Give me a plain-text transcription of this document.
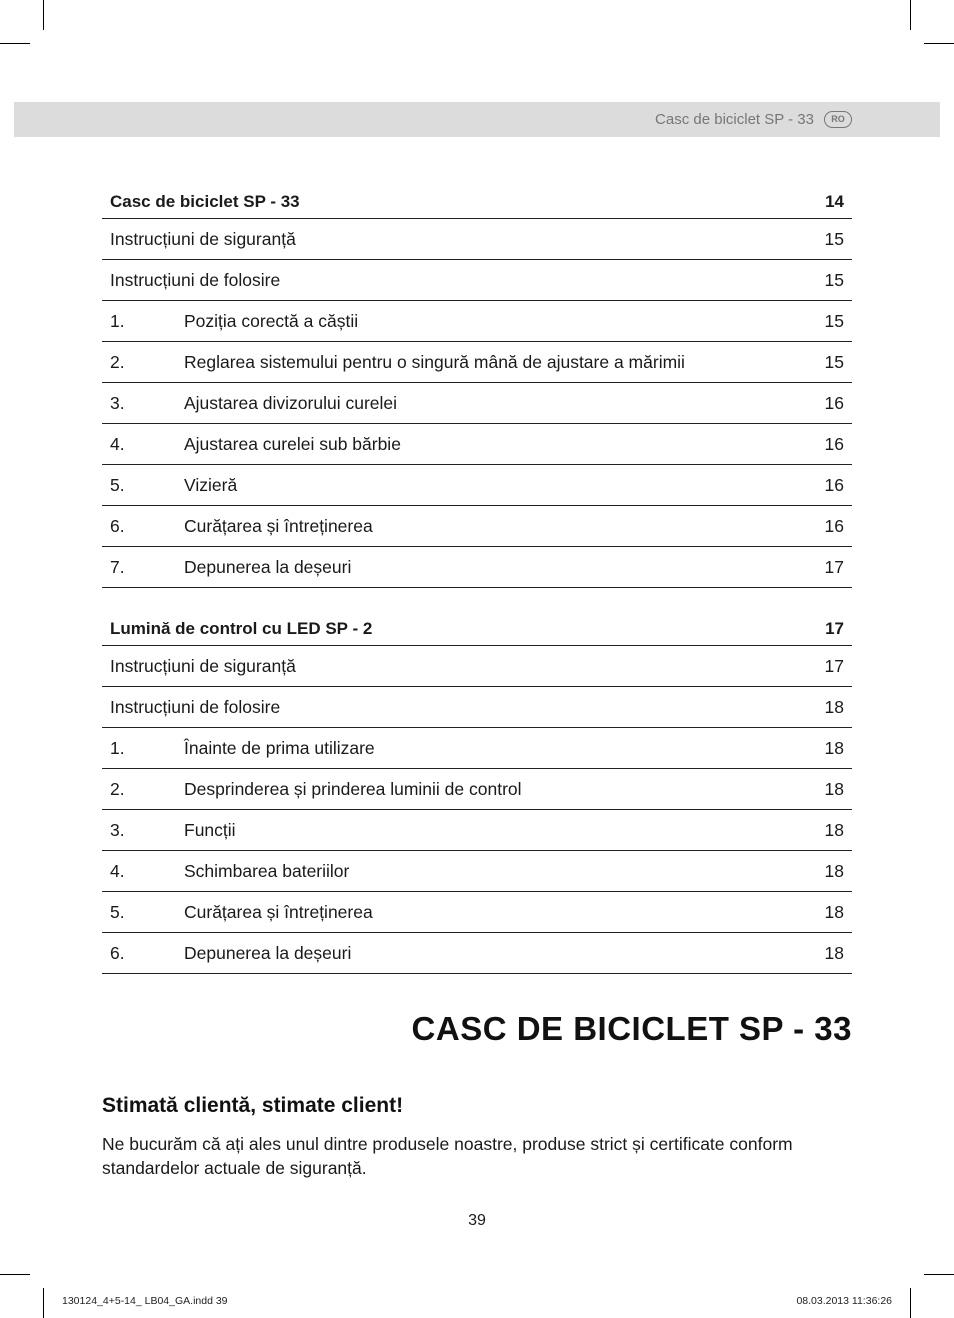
Casc de biciclet SP - 33	RO
Casc de biciclet SP - 33	14
Instrucțiuni de siguranță	15
Instrucțiuni de folosire	15
1.	Poziția corectă a căștii	15
2.	Reglarea sistemului pentru o singură mână de ajustare a mărimii	15
3.	Ajustarea divizorului curelei	16
4.	Ajustarea curelei sub bărbie	16
5.	Vizieră	16
6.	Curățarea și întreținerea	16
7.	Depunerea la deșeuri	17
Lumină de control cu LED SP - 2	17
Instrucțiuni de siguranță	17
Instrucțiuni de folosire	18
1.	Înainte de prima utilizare	18
2.	Desprinderea și prinderea luminii de control	18
3.	Funcții	18
4.	Schimbarea bateriilor	18
5.	Curățarea și întreținerea	18
6.	Depunerea la deșeuri	18
CASC DE BICICLET SP - 33
Stimată clientă, stimate client!
Ne bucurăm că ați ales unul dintre produsele noastre, produse strict și certificate conform standardelor actuale de siguranță.
39
130124_4+5-14_ LB04_GA.indd 39	08.03.2013 11:36:26
